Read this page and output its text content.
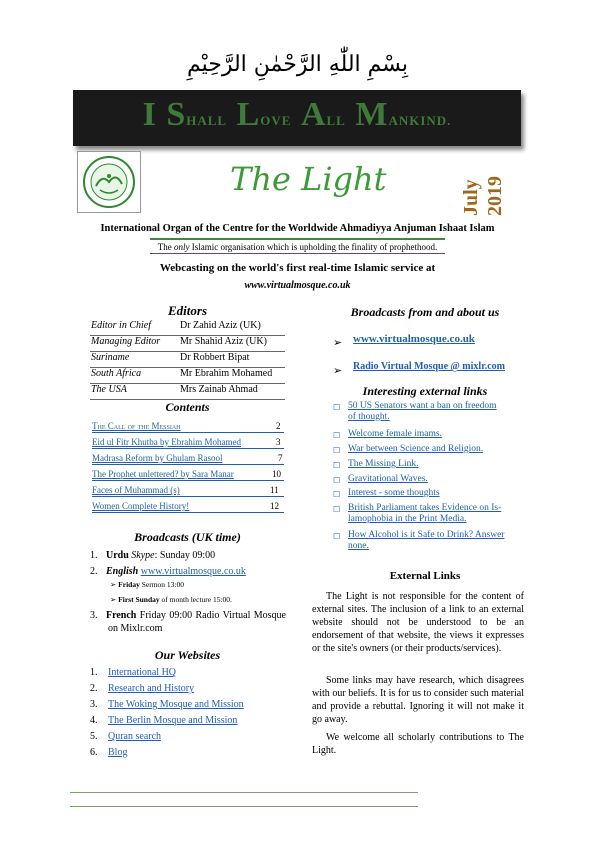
بِسْمِ اللّٰهِ الرَّحْمٰنِ الرَّحِيْمِ
I SHALL LOVE ALL MANKIND.
The Light	July 2019
International Organ of the Centre for the Worldwide Ahmadiyya Anjuman Ishaat Islam
The only Islamic organisation which is upholding the finality of prophethood.
Webcasting on the world's first real-time Islamic service at
www.virtualmosque.co.uk
Editors
Editor in Chief	Dr Zahid Aziz (UK)
Managing Editor Mr Shahid Aziz (UK)
Suriname	Dr Robbert Bipat
South Africa	Mr Ebrahim Mohamed
The USA	Mrs Zainab Ahmad
Contents
The Call of the Messiah	2
Eid ul Fitr Khutba by Ebrahim Mohamed	3
Madrasa Reform by Ghulam Rasool	7
The Prophet unlettered? by Sara Manar	10
Faces of Muhammad (s)	11
Women Complete History!	12
Broadcasts (UK time)
1. Urdu Skype: Sunday 09:00
2. English www.virtualmosque.co.uk
➢ Friday Sermon 13:00
➢ First Sunday of month lecture 15:00.
3. French Friday 09:00 Radio Virtual Mosque on Mixlr.com
Our Websites
1. International HQ
2. Research and History
3. The Woking Mosque and Mission
4. The Berlin Mosque and Mission
5. Quran search
6. Blog
Broadcasts from and about us
➢ www.virtualmosque.co.uk
➢ Radio Virtual Mosque @ mixlr.com
Interesting external links
☐ 50 US Senators want a ban on freedom
of thought.
☐ Welcome female imams.
☐ War between Science and Religion.
☐ The Missing Link.
☐ Gravitational Waves.
☐ Interest - some thoughts
☐ British Parliament takes Evidence on Is-
lamophobia in the Print Media.
☐ How Alcohol is it Safe to Drink? Answer
none.
External Links
The Light is not responsible for the content of external sites. The inclusion of a link to an external website should not be understood to be an endorsement of that website, the views it expresses or the site's owners (or their products/services).
Some links may have research, which disagrees with our beliefs. It is for us to consider such material and provide a rebuttal. Ignoring it will not make it go away.
We welcome all scholarly contributions to The Light.
